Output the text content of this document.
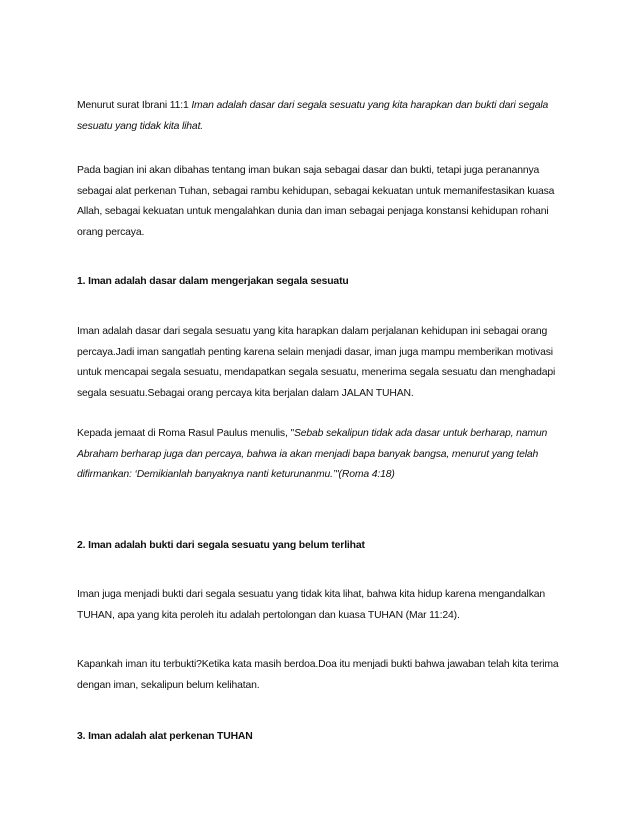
Menurut surat Ibrani 11:1 Iman adalah dasar dari segala sesuatu yang kita harapkan dan bukti dari segala sesuatu yang tidak kita lihat.

Pada bagian ini akan dibahas tentang iman bukan saja sebagai dasar dan bukti, tetapi juga peranannya sebagai alat perkenan Tuhan, sebagai rambu kehidupan, sebagai kekuatan untuk memanifestasikan kuasa Allah, sebagai kekuatan untuk mengalahkan dunia dan iman sebagai penjaga konstansi kehidupan rohani orang percaya.

1. Iman adalah dasar dalam mengerjakan segala sesuatu

Iman adalah dasar dari segala sesuatu yang kita harapkan dalam perjalanan kehidupan ini sebagai orang percaya.Jadi iman sangatlah penting karena selain menjadi dasar, iman juga mampu memberikan motivasi untuk mencapai segala sesuatu, mendapatkan segala sesuatu, menerima segala sesuatu dan menghadapi segala sesuatu.Sebagai orang percaya kita berjalan dalam JALAN TUHAN.

Kepada jemaat di Roma Rasul Paulus menulis, "Sebab sekalipun tidak ada dasar untuk berharap, namun Abraham berharap juga dan percaya, bahwa ia akan menjadi bapa banyak bangsa, menurut yang telah difirmankan: ‘Demikianlah banyaknya nanti keturunanmu.’"(Roma 4:18)

2. Iman adalah bukti dari segala sesuatu yang belum terlihat

Iman juga menjadi bukti dari segala sesuatu yang tidak kita lihat, bahwa kita hidup karena mengandalkan TUHAN, apa yang kita peroleh itu adalah pertolongan dan kuasa TUHAN (Mar 11:24).

Kapankah iman itu terbukti?Ketika kata masih berdoa.Doa itu menjadi bukti bahwa jawaban telah kita terima dengan iman, sekalipun belum kelihatan.

3. Iman adalah alat perkenan TUHAN
